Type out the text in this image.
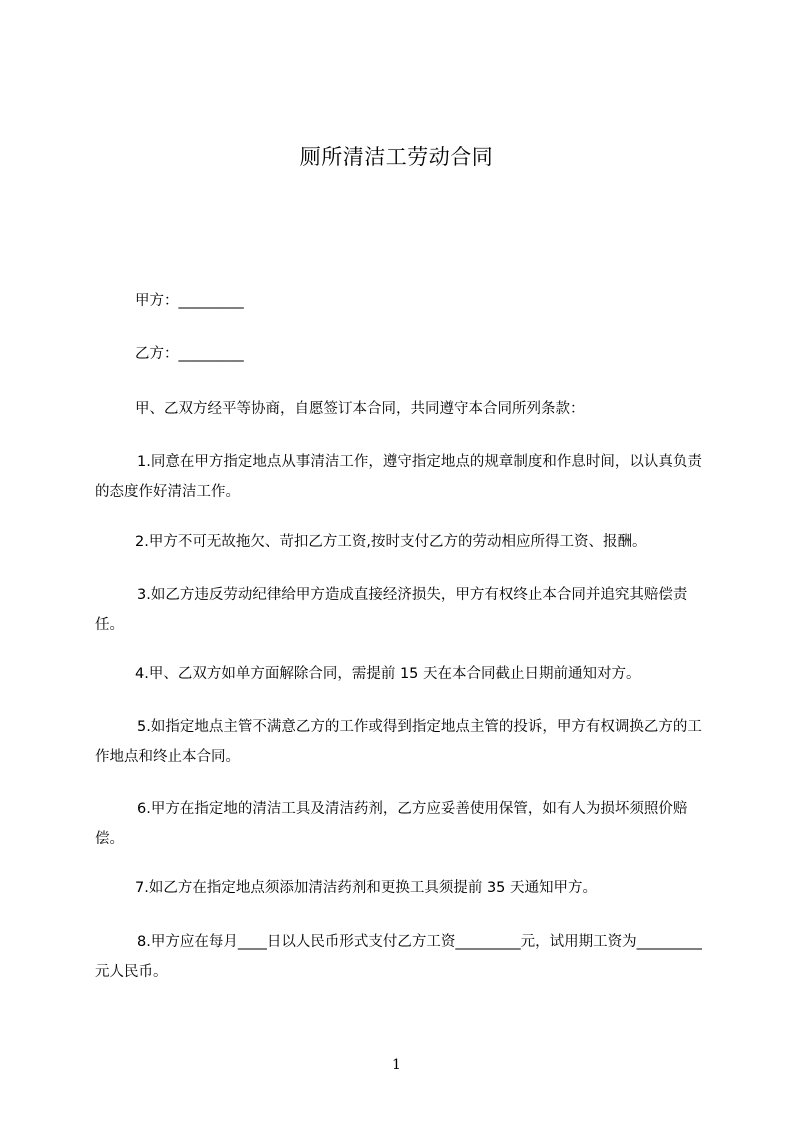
厕所清洁工劳动合同

甲方：_________

乙方：_________

甲、乙双方经平等协商，自愿签订本合同，共同遵守本合同所列条款：

1.同意在甲方指定地点从事清洁工作，遵守指定地点的规章制度和作息时间，以认真负责的态度作好清洁工作。

2.甲方不可无故拖欠、苛扣乙方工资,按时支付乙方的劳动相应所得工资、报酬。

3.如乙方违反劳动纪律给甲方造成直接经济损失，甲方有权终止本合同并追究其赔偿责任。

4.甲、乙双方如单方面解除合同，需提前 15 天在本合同截止日期前通知对方。

5.如指定地点主管不满意乙方的工作或得到指定地点主管的投诉，甲方有权调换乙方的工作地点和终止本合同。

6.甲方在指定地的清洁工具及清洁药剂，乙方应妥善使用保管，如有人为损坏须照价赔偿。

7.如乙方在指定地点须添加清洁药剂和更换工具须提前 35 天通知甲方。

8.甲方应在每月____日以人民币形式支付乙方工资_________元，试用期工资为_________元人民币。

1
